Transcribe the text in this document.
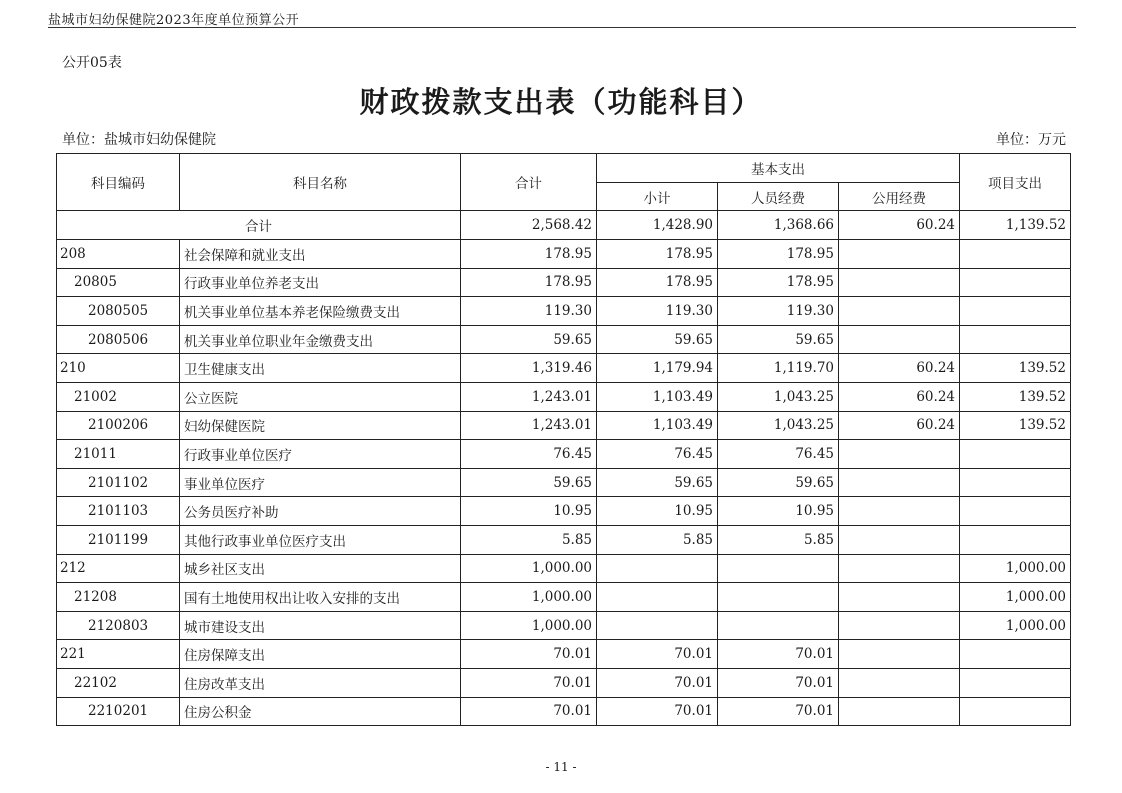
盐城市妇幼保健院2023年度单位预算公开
公开05表
财政拨款支出表（功能科目）
单位：盐城市妇幼保健院	单位：万元
科目编码	科目名称	合计	基本支出			项目支出
			小计	人员经费	公用经费	
合计		2,568.42	1,428.90	1,368.66	60.24	1,139.52
208	社会保障和就业支出	178.95	178.95	178.95		
20805	行政事业单位养老支出	178.95	178.95	178.95		
2080505	机关事业单位基本养老保险缴费支出	119.30	119.30	119.30		
2080506	机关事业单位职业年金缴费支出	59.65	59.65	59.65		
210	卫生健康支出	1,319.46	1,179.94	1,119.70	60.24	139.52
21002	公立医院	1,243.01	1,103.49	1,043.25	60.24	139.52
2100206	妇幼保健医院	1,243.01	1,103.49	1,043.25	60.24	139.52
21011	行政事业单位医疗	76.45	76.45	76.45		
2101102	事业单位医疗	59.65	59.65	59.65		
2101103	公务员医疗补助	10.95	10.95	10.95		
2101199	其他行政事业单位医疗支出	5.85	5.85	5.85		
212	城乡社区支出	1,000.00				1,000.00
21208	国有土地使用权出让收入安排的支出	1,000.00				1,000.00
2120803	城市建设支出	1,000.00				1,000.00
221	住房保障支出	70.01	70.01	70.01		
22102	住房改革支出	70.01	70.01	70.01		
2210201	住房公积金	70.01	70.01	70.01		
- 11 -
